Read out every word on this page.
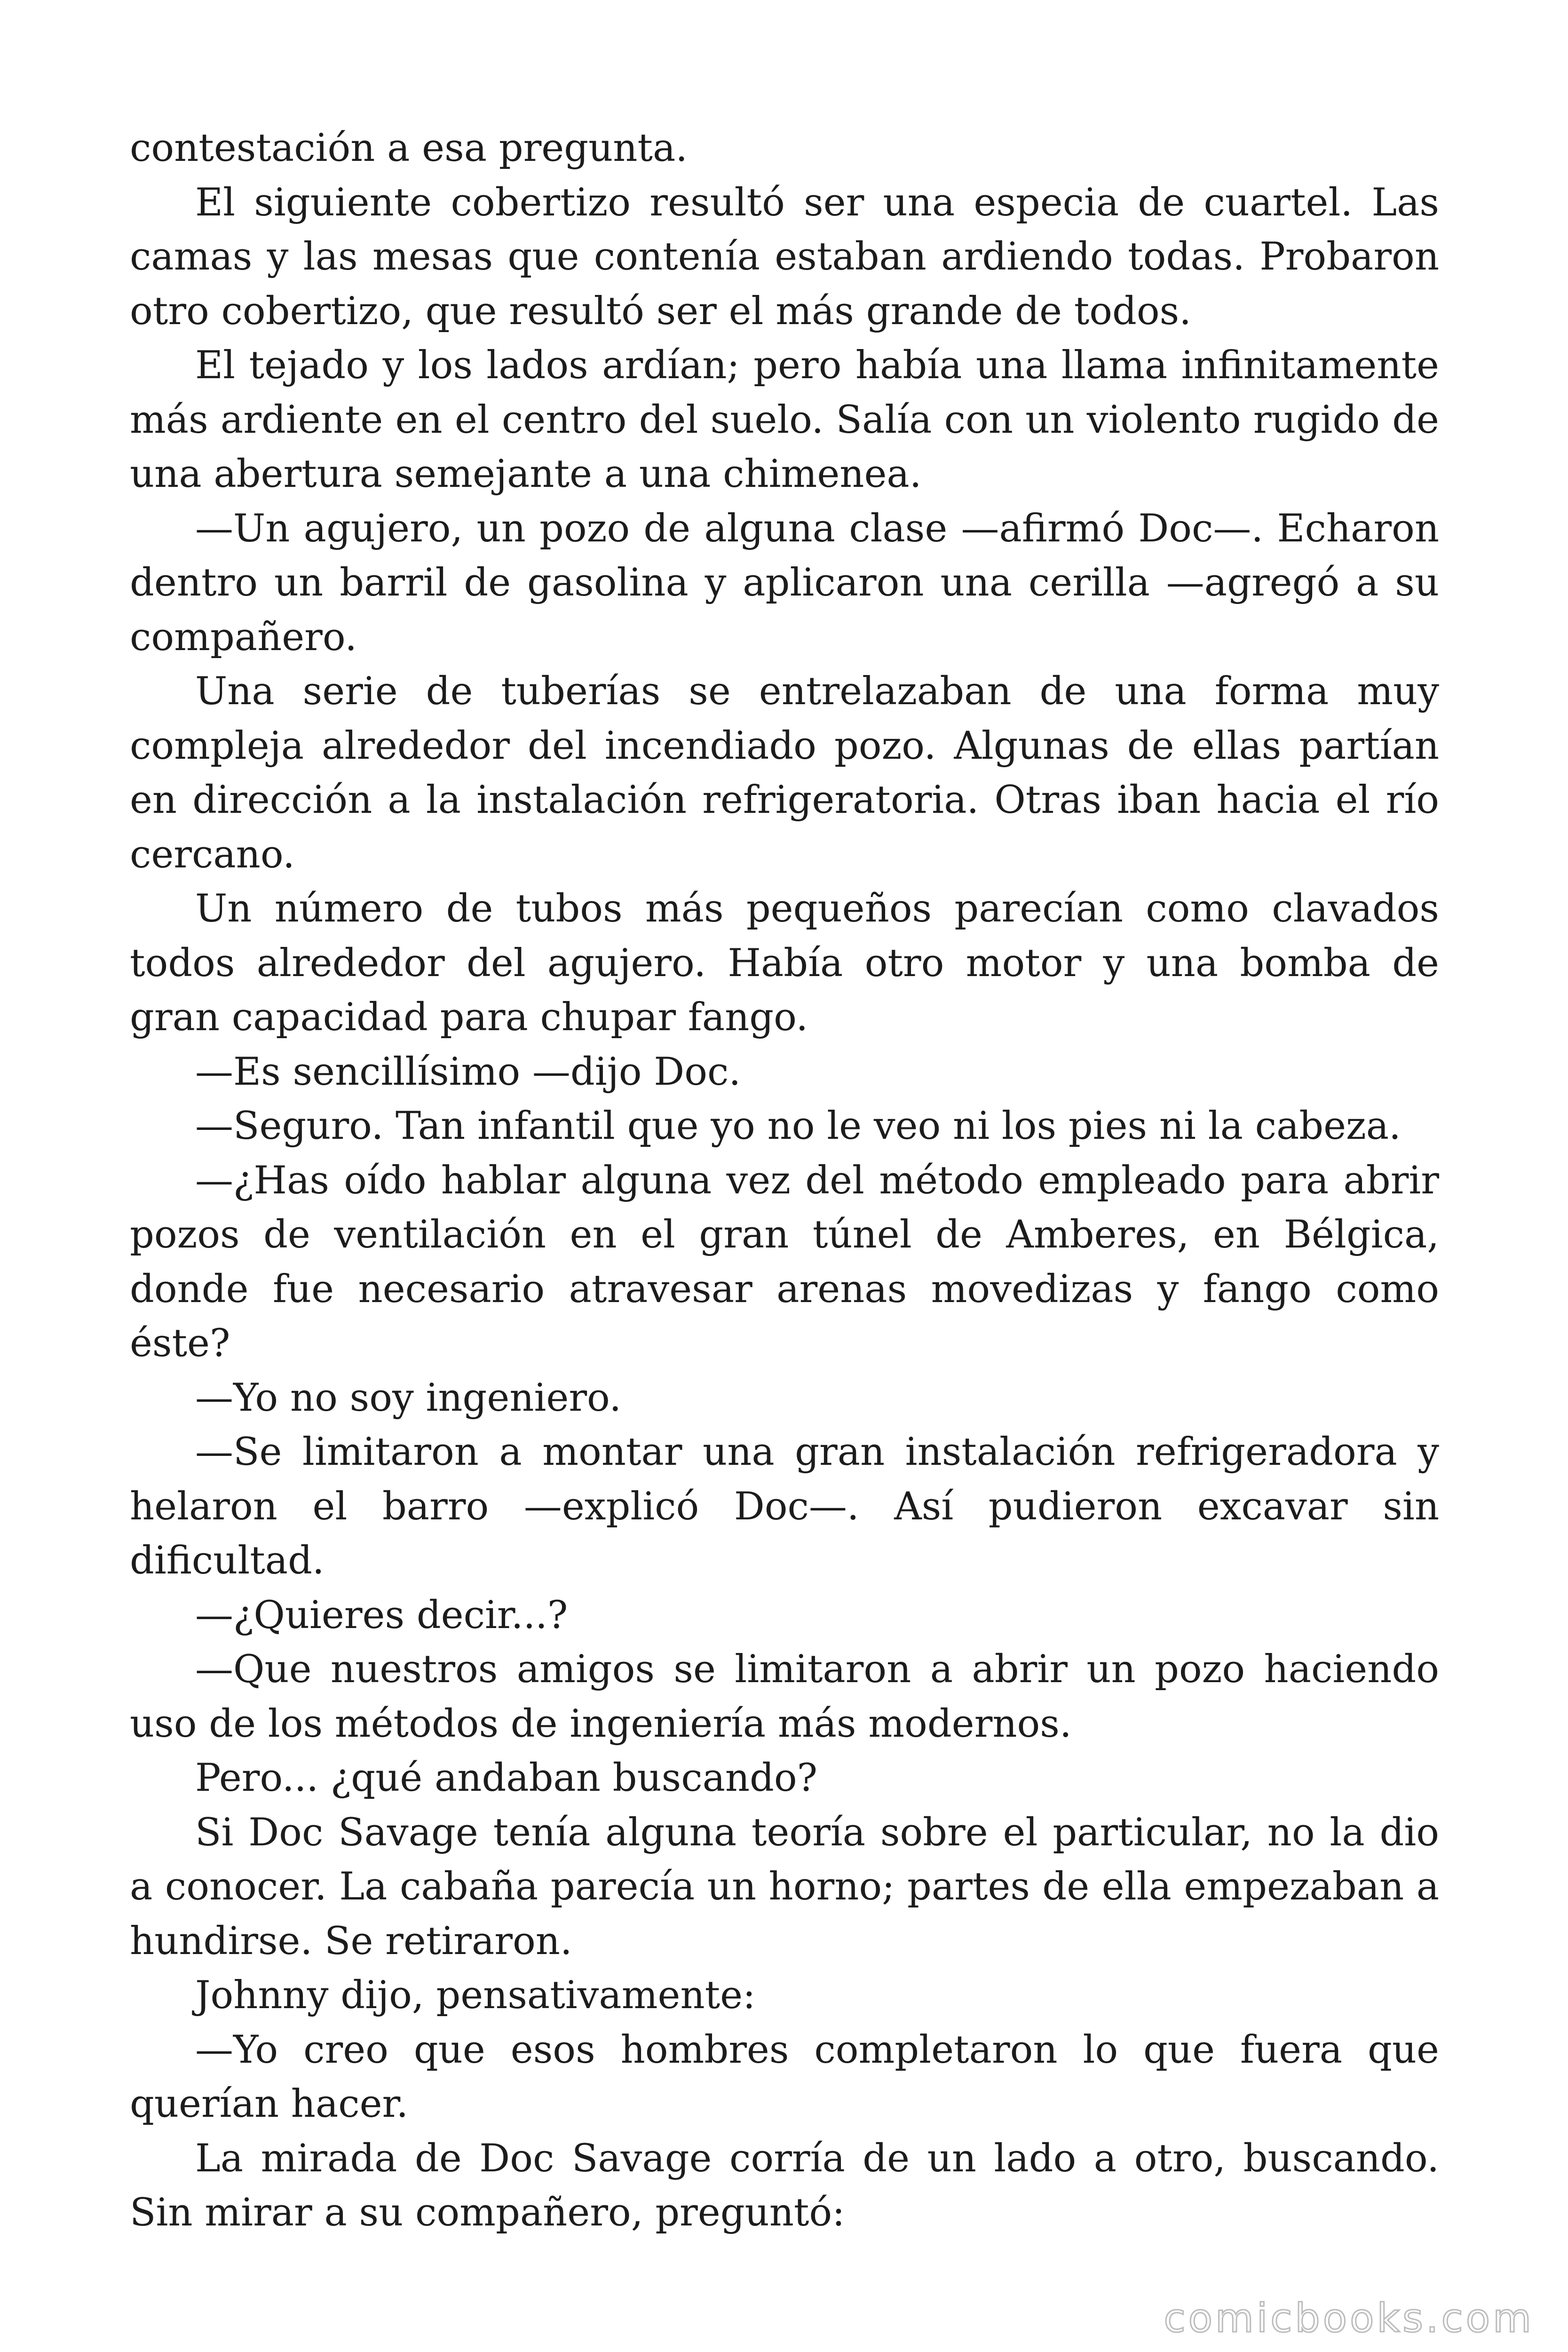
contestación a esa pregunta.

El siguiente cobertizo resultó ser una especia de cuartel. Las camas y las mesas que contenía estaban ardiendo todas. Probaron otro cobertizo, que resultó ser el más grande de todos.

El tejado y los lados ardían; pero había una llama infinitamente más ardiente en el centro del suelo. Salía con un violento rugido de una abertura semejante a una chimenea.

—Un agujero, un pozo de alguna clase —afirmó Doc—. Echaron dentro un barril de gasolina y aplicaron una cerilla —agregó a su compañero.

Una serie de tuberías se entrelazaban de una forma muy compleja alrededor del incendiado pozo. Algunas de ellas partían en dirección a la instalación refrigeratoria. Otras iban hacia el río cercano.

Un número de tubos más pequeños parecían como clavados todos alrededor del agujero. Había otro motor y una bomba de gran capacidad para chupar fango.

—Es sencillísimo —dijo Doc.

—Seguro. Tan infantil que yo no le veo ni los pies ni la cabeza.

—¿Has oído hablar alguna vez del método empleado para abrir pozos de ventilación en el gran túnel de Amberes, en Bélgica, donde fue necesario atravesar arenas movedizas y fango como éste?

—Yo no soy ingeniero.

—Se limitaron a montar una gran instalación refrigeradora y helaron el barro —explicó Doc—. Así pudieron excavar sin dificultad.

—¿Quieres decir...?

—Que nuestros amigos se limitaron a abrir un pozo haciendo uso de los métodos de ingeniería más modernos.

Pero... ¿qué andaban buscando?

Si Doc Savage tenía alguna teoría sobre el particular, no la dio a conocer. La cabaña parecía un horno; partes de ella empezaban a hundirse. Se retiraron.

Johnny dijo, pensativamente:

—Yo creo que esos hombres completaron lo que fuera que querían hacer.

La mirada de Doc Savage corría de un lado a otro, buscando. Sin mirar a su compañero, preguntó:

comicbooks.com
